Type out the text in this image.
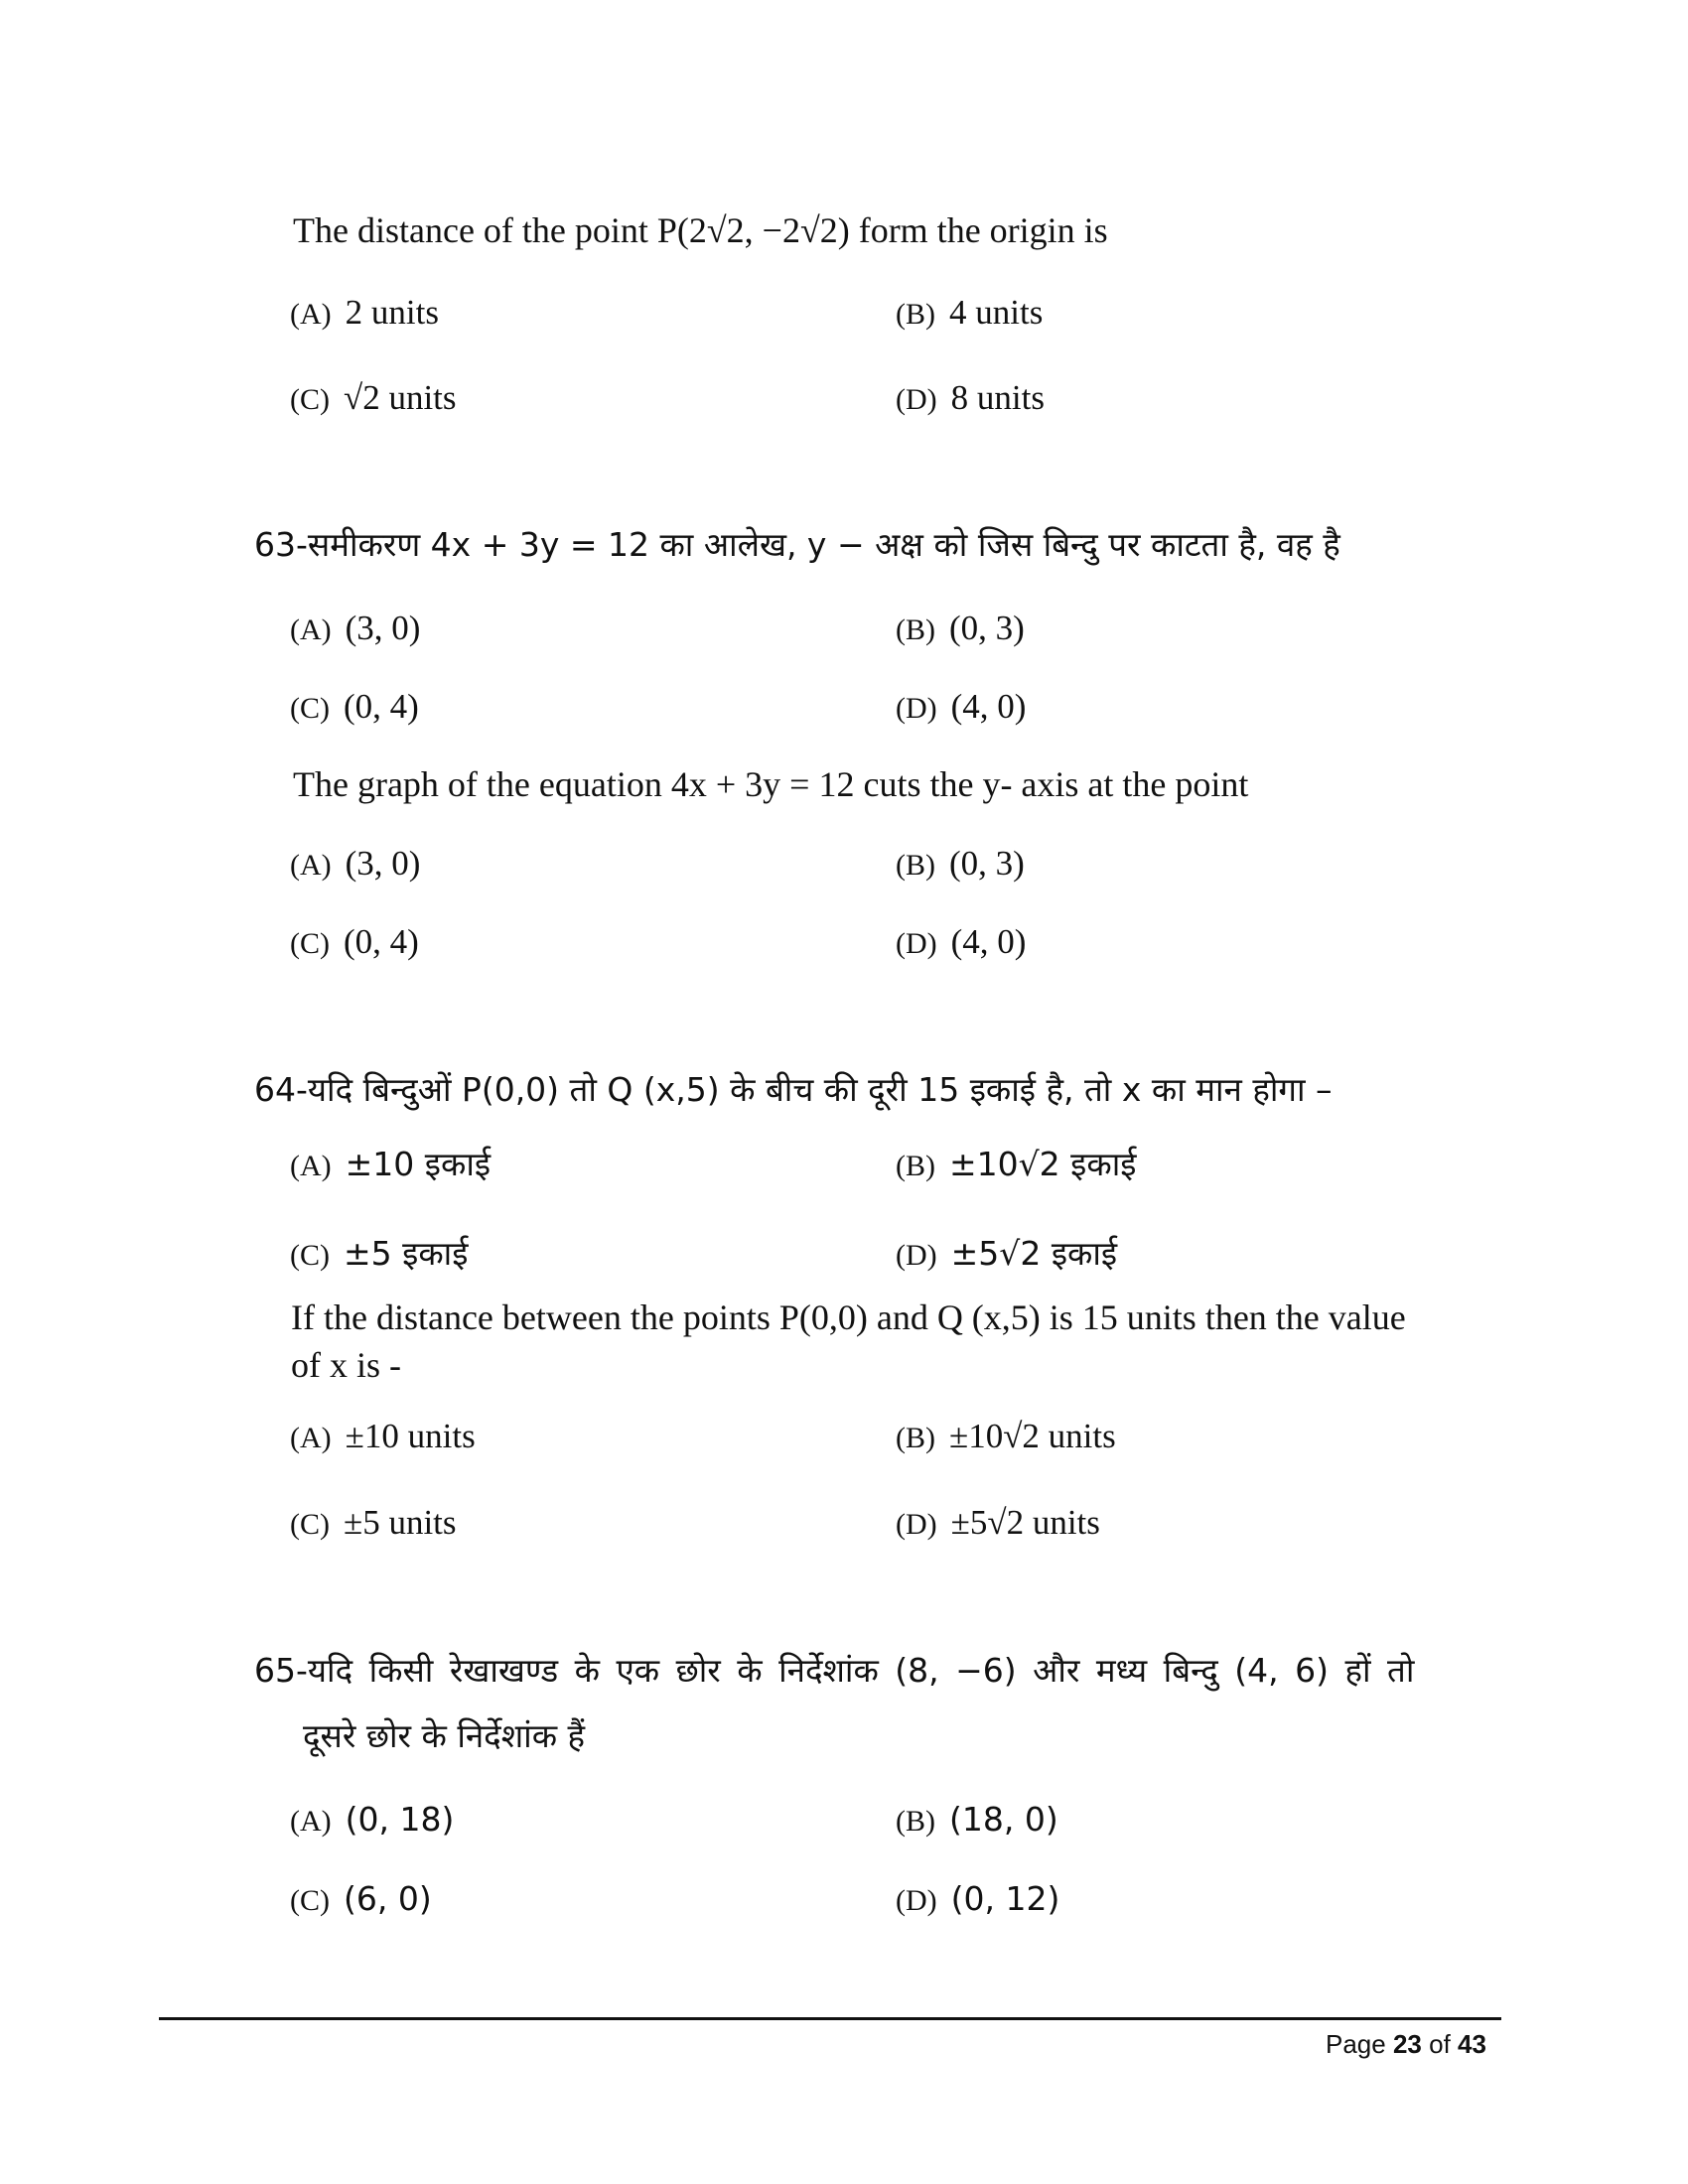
The distance of the point P(2√2, −2√2) form the origin is
(A) 2 units	(B) 4 units
(C) √2 units	(D) 8 units
63-समीकरण 4x + 3y = 12 का आलेख, y − अक्ष को जिस बिन्दु पर काटता है, वह है
(A) (3, 0)	(B) (0, 3)
(C) (0, 4)	(D) (4, 0)
The graph of the equation 4x + 3y = 12 cuts the y- axis at the point
(A) (3, 0)	(B) (0, 3)
(C) (0, 4)	(D) (4, 0)
64-यदि बिन्दुओं P(0,0) तो Q (x,5) के बीच की दूरी 15 इकाई है, तो x का मान होगा –
(A) ±10 इकाई	(B) ±10√2 इकाई
(C) ±5 इकाई	(D) ±5√2 इकाई
If the distance between the points P(0,0) and Q (x,5) is 15 units then the value
of x is -
(A) ±10 units	(B) ±10√2 units
(C) ±5 units	(D) ±5√2 units
65-यदि किसी रेखाखण्ड के एक छोर के निर्देशांक (8, −6) और मध्य बिन्दु (4, 6) हों तो
दूसरे छोर के निर्देशांक हैं
(A) (0, 18)	(B) (18, 0)
(C) (6, 0)	(D) (0, 12)
Page 23 of 43
